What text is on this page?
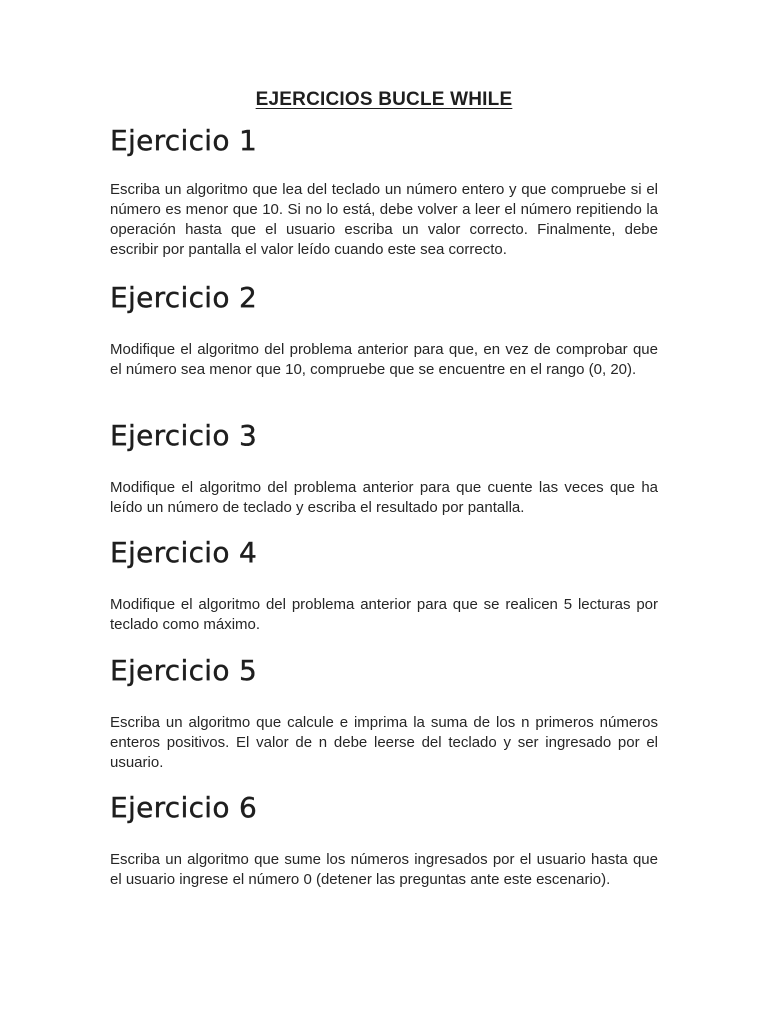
EJERCICIOS BUCLE WHILE
Ejercicio 1

Escriba un algoritmo que lea del teclado un número entero y que compruebe si el número es menor que 10. Si no lo está, debe volver a leer el número repitiendo la operación hasta que el usuario escriba un valor correcto. Finalmente, debe escribir por pantalla el valor leído cuando este sea correcto.

Ejercicio 2

Modifique el algoritmo del problema anterior para que, en vez de comprobar que el número sea menor que 10, compruebe que se encuentre en el rango (0, 20).

Ejercicio 3

Modifique el algoritmo del problema anterior para que cuente las veces que ha leído un número de teclado y escriba el resultado por pantalla.

Ejercicio 4

Modifique el algoritmo del problema anterior para que se realicen 5 lecturas por teclado como máximo.

Ejercicio 5

Escriba un algoritmo que calcule e imprima la suma de los n primeros números enteros positivos. El valor de n debe leerse del teclado y ser ingresado por el usuario.

Ejercicio 6

Escriba un algoritmo que sume los números ingresados por el usuario hasta que el usuario ingrese el número 0 (detener las preguntas ante este escenario).
